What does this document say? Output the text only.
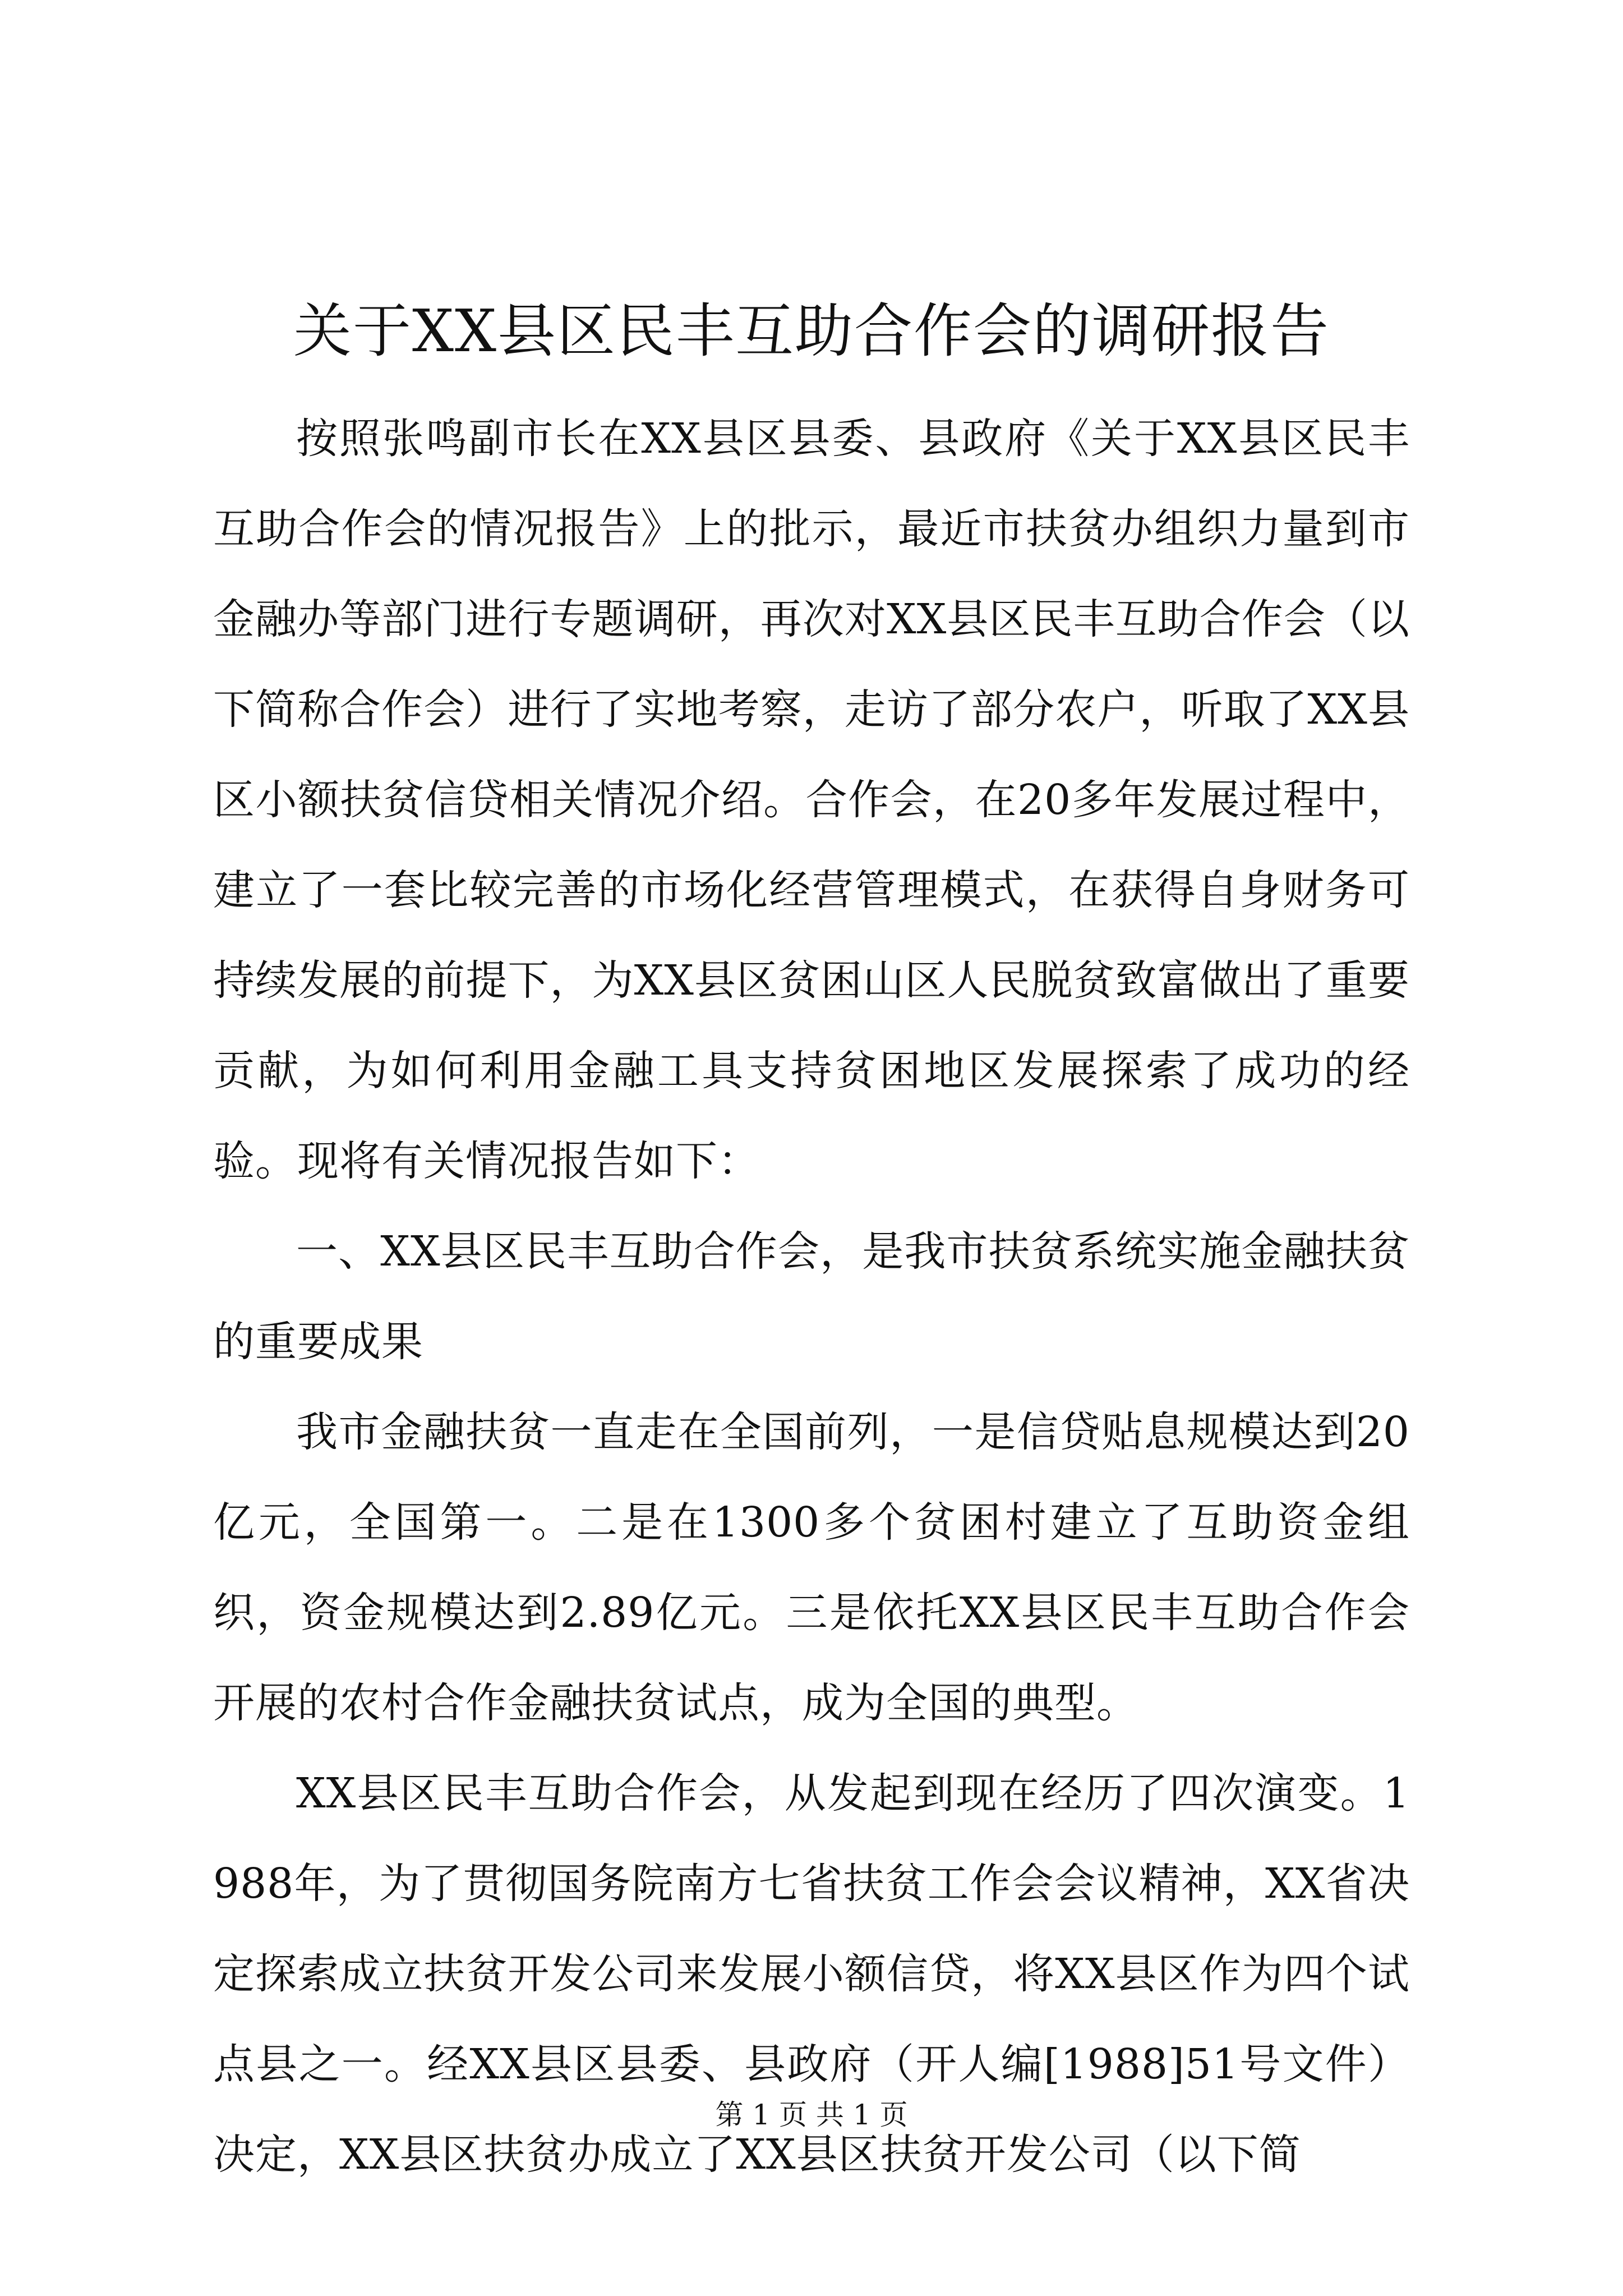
关于XX县区民丰互助合作会的调研报告

按照张鸣副市长在XX县区县委、县政府《关于XX县区民丰互助合作会的情况报告》上的批示，最近市扶贫办组织力量到市金融办等部门进行专题调研，再次对XX县区民丰互助合作会（以下简称合作会）进行了实地考察，走访了部分农户，听取了XX县区小额扶贫信贷相关情况介绍。合作会，在20多年发展过程中，建立了一套比较完善的市场化经营管理模式，在获得自身财务可持续发展的前提下，为XX县区贫困山区人民脱贫致富做出了重要贡献，为如何利用金融工具支持贫困地区发展探索了成功的经验。现将有关情况报告如下：

一、XX县区民丰互助合作会，是我市扶贫系统实施金融扶贫的重要成果

我市金融扶贫一直走在全国前列，一是信贷贴息规模达到20亿元，全国第一。二是在1300多个贫困村建立了互助资金组织，资金规模达到2.89亿元。三是依托XX县区民丰互助合作会开展的农村合作金融扶贫试点，成为全国的典型。

XX县区民丰互助合作会，从发起到现在经历了四次演变。1988年，为了贯彻国务院南方七省扶贫工作会会议精神，XX省决定探索成立扶贫开发公司来发展小额信贷，将XX县区作为四个试点县之一。经XX县区县委、县政府（开人编[1988]51号文件）决定，XX县区扶贫办成立了XX县区扶贫开发公司（以下简

第 1 页 共 1 页
